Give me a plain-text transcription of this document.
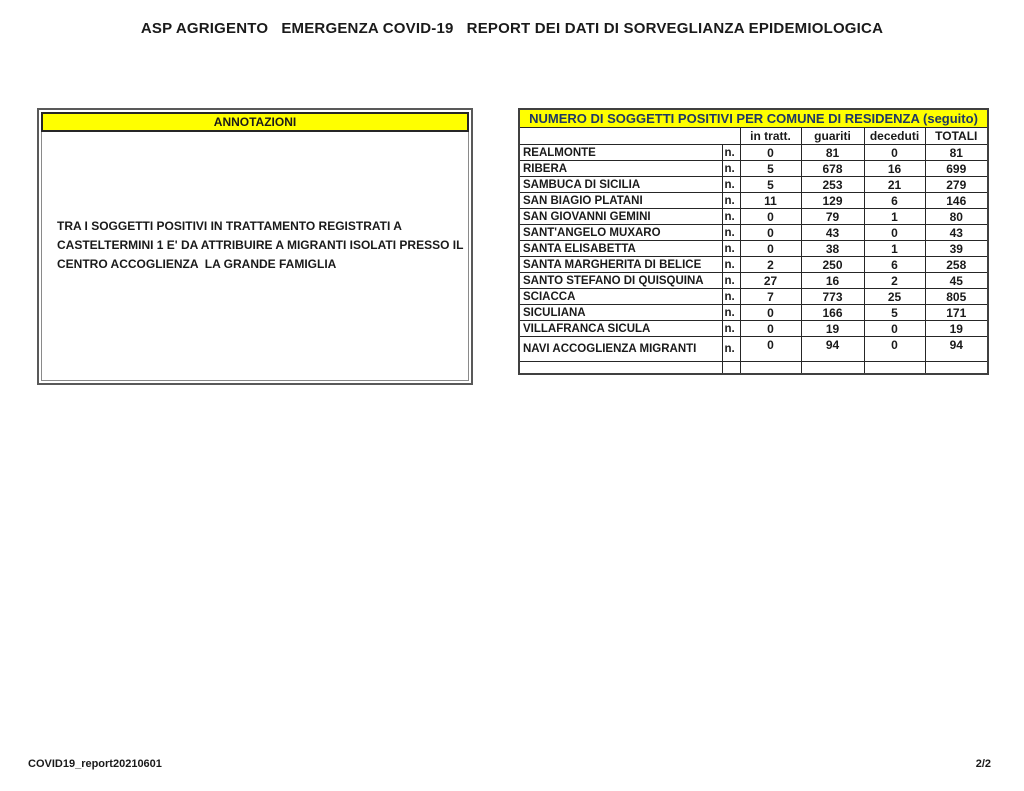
ASP AGRIGENTO   EMERGENZA COVID-19   REPORT DEI DATI DI SORVEGLIANZA EPIDEMIOLOGICA
ANNOTAZIONI
TRA I SOGGETTI POSITIVI IN TRATTAMENTO REGISTRATI A
CASTELTERMINI 1 E' DA ATTRIBUIRE A MIGRANTI ISOLATI PRESSO IL
CENTRO ACCOGLIENZA  LA GRANDE FAMIGLIA
NUMERO DI SOGGETTI POSITIVI PER COMUNE DI RESIDENZA (seguito)					
		in tratt.	guariti	deceduti	TOTALI
REALMONTE	n.	0	81	0	81
RIBERA	n.	5	678	16	699
SAMBUCA DI SICILIA	n.	5	253	21	279
SAN BIAGIO PLATANI	n.	11	129	6	146
SAN GIOVANNI GEMINI	n.	0	79	1	80
SANT'ANGELO MUXARO	n.	0	43	0	43
SANTA ELISABETTA	n.	0	38	1	39
SANTA MARGHERITA DI BELICE	n.	2	250	6	258
SANTO STEFANO DI QUISQUINA	n.	27	16	2	45
SCIACCA	n.	7	773	25	805
SICULIANA	n.	0	166	5	171
VILLAFRANCA SICULA	n.	0	19	0	19
NAVI ACCOGLIENZA MIGRANTI	n.	0	94	0	94

COVID19_report20210601	2/2
